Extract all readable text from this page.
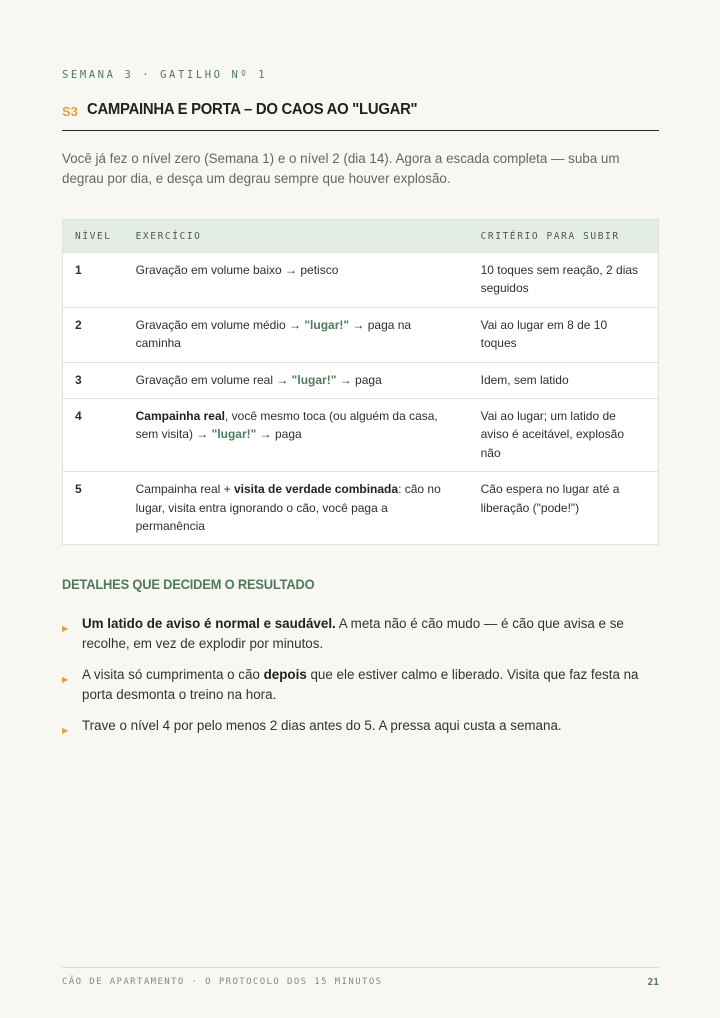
SEMANA 3 · GATILHO Nº 1
S3 CAMPAINHA E PORTA – DO CAOS AO "LUGAR"

Você já fez o nível zero (Semana 1) e o nível 2 (dia 14). Agora a escada completa — suba um degrau por dia, e desça um degrau sempre que houver explosão.

NÍVEL	EXERCÍCIO	CRITÉRIO PARA SUBIR
1	Gravação em volume baixo → petisco	10 toques sem reação, 2 dias seguidos
2	Gravação em volume médio → "lugar!" → paga na caminha	Vai ao lugar em 8 de 10 toques
3	Gravação em volume real → "lugar!" → paga	Idem, sem latido
4	Campainha real, você mesmo toca (ou alguém da casa, sem visita) → "lugar!" → paga	Vai ao lugar; um latido de aviso é aceitável, explosão não
5	Campainha real + visita de verdade combinada: cão no lugar, visita entra ignorando o cão, você paga a permanência	Cão espera no lugar até a liberação ("pode!")
DETALHES QUE DECIDEM O RESULTADO
▶ Um latido de aviso é normal e saudável. A meta não é cão mudo — é cão que avisa e se recolhe, em vez de explodir por minutos.
▶ A visita só cumprimenta o cão depois que ele estiver calmo e liberado. Visita que faz festa na porta desmonta o treino na hora.
▶ Trave o nível 4 por pelo menos 2 dias antes do 5. A pressa aqui custa a semana.
CÃO DE APARTAMENTO · O PROTOCOLO DOS 15 MINUTOS	21
